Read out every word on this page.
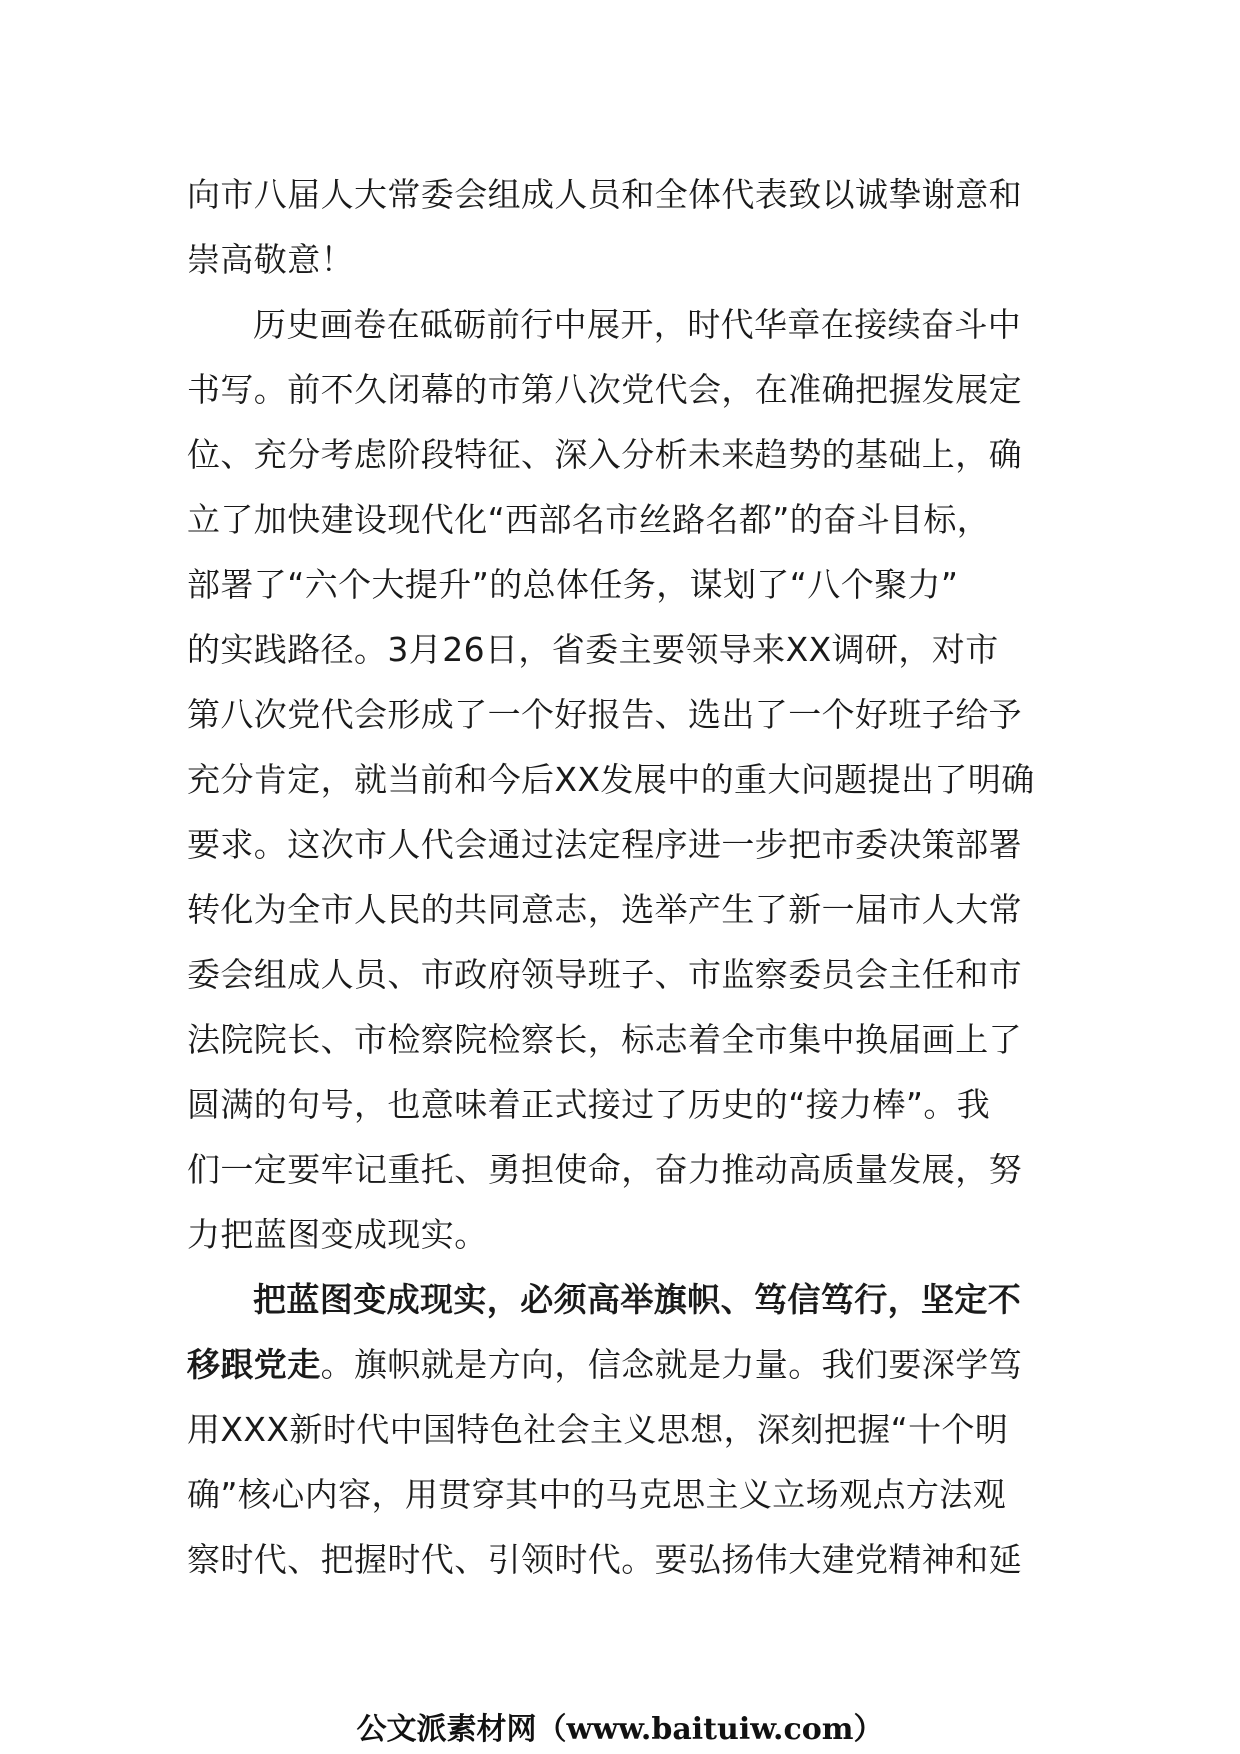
向市八届人大常委会组成人员和全体代表致以诚挚谢意和
崇高敬意！
历史画卷在砥砺前行中展开，时代华章在接续奋斗中
书写。前不久闭幕的市第八次党代会，在准确把握发展定
位、充分考虑阶段特征、深入分析未来趋势的基础上，确
立了加快建设现代化“西部名市丝路名都”的奋斗目标，
部署了“六个大提升”的总体任务，谋划了“八个聚力”
的实践路径。3月26日，省委主要领导来XX调研，对市
第八次党代会形成了一个好报告、选出了一个好班子给予
充分肯定，就当前和今后XX发展中的重大问题提出了明确
要求。这次市人代会通过法定程序进一步把市委决策部署
转化为全市人民的共同意志，选举产生了新一届市人大常
委会组成人员、市政府领导班子、市监察委员会主任和市
法院院长、市检察院检察长，标志着全市集中换届画上了
圆满的句号，也意味着正式接过了历史的“接力棒”。我
们一定要牢记重托、勇担使命，奋力推动高质量发展，努
力把蓝图变成现实。
把蓝图变成现实，必须高举旗帜、笃信笃行，坚定不
移跟党走。旗帜就是方向，信念就是力量。我们要深学笃
用XXX新时代中国特色社会主义思想，深刻把握“十个明
确”核心内容，用贯穿其中的马克思主义立场观点方法观
察时代、把握时代、引领时代。要弘扬伟大建党精神和延
公文派素材网（www.baituiw.com）
